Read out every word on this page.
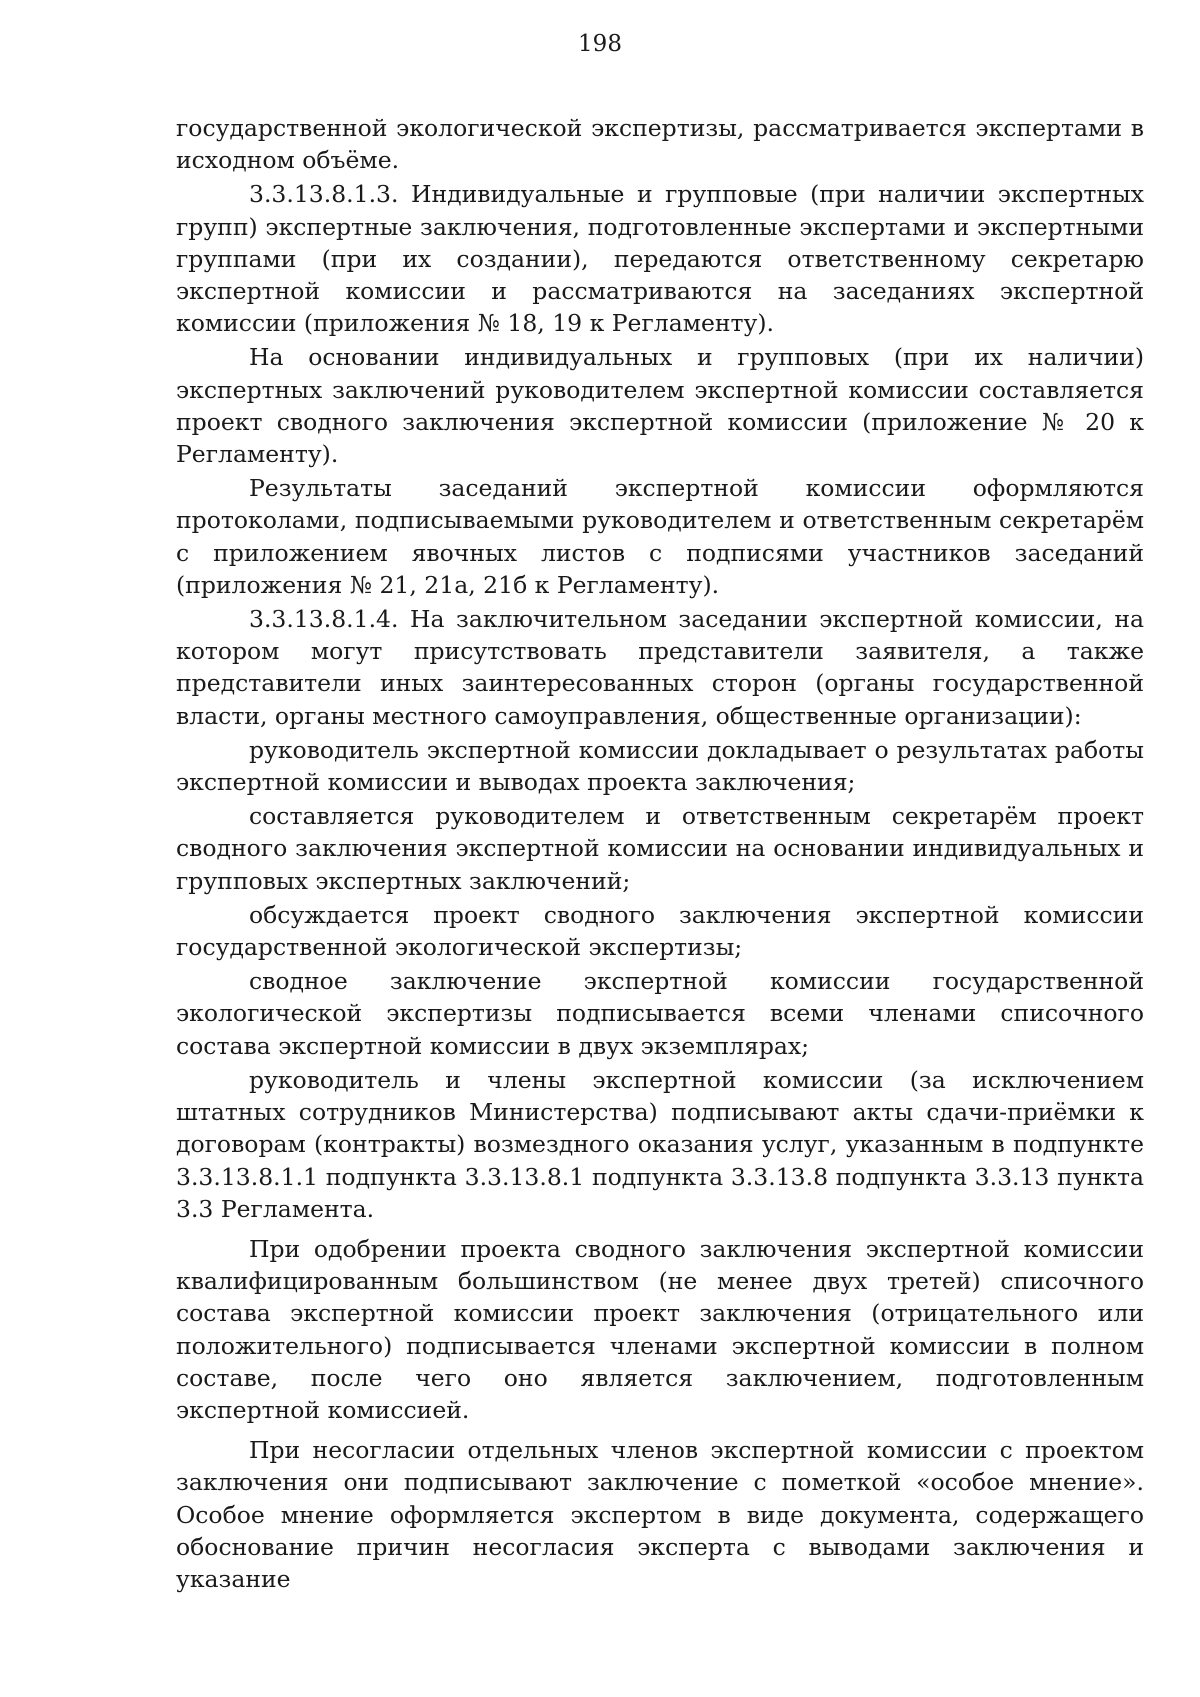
198

государственной экологической экспертизы, рассматривается экспертами в исходном объёме.

3.3.13.8.1.3. Индивидуальные и групповые (при наличии экспертных групп) экспертные заключения, подготовленные экспертами и экспертными группами (при их создании), передаются ответственному секретарю экспертной комиссии и рассматриваются на заседаниях экспертной комиссии (приложения № 18, 19 к Регламенту).

На основании индивидуальных и групповых (при их наличии) экспертных заключений руководителем экспертной комиссии составляется проект сводного заключения экспертной комиссии (приложение № 20 к Регламенту).

Результаты заседаний экспертной комиссии оформляются протоколами, подписываемыми руководителем и ответственным секретарём с приложением явочных листов с подписями участников заседаний (приложения № 21, 21а, 21б к Регламенту).

3.3.13.8.1.4. На заключительном заседании экспертной комиссии, на котором могут присутствовать представители заявителя, а также представители иных заинтересованных сторон (органы государственной власти, органы местного самоуправления, общественные организации):

руководитель экспертной комиссии докладывает о результатах работы экспертной комиссии и выводах проекта заключения;

составляется руководителем и ответственным секретарём проект сводного заключения экспертной комиссии на основании индивидуальных и групповых экспертных заключений;

обсуждается проект сводного заключения экспертной комиссии государственной экологической экспертизы;

сводное заключение экспертной комиссии государственной экологической экспертизы подписывается всеми членами списочного состава экспертной комиссии в двух экземплярах;

руководитель и члены экспертной комиссии (за исключением штатных сотрудников Министерства) подписывают акты сдачи-приёмки к договорам (контракты) возмездного оказания услуг, указанным в подпункте 3.3.13.8.1.1 подпункта 3.3.13.8.1 подпункта 3.3.13.8 подпункта 3.3.13 пункта 3.3 Регламента.

При одобрении проекта сводного заключения экспертной комиссии квалифицированным большинством (не менее двух третей) списочного состава экспертной комиссии проект заключения (отрицательного или положительного) подписывается членами экспертной комиссии в полном составе, после чего оно является заключением, подготовленным экспертной комиссией.

При несогласии отдельных членов экспертной комиссии с проектом заключения они подписывают заключение с пометкой «особое мнение». Особое мнение оформляется экспертом в виде документа, содержащего обоснование причин несогласия эксперта с выводами заключения и указание
